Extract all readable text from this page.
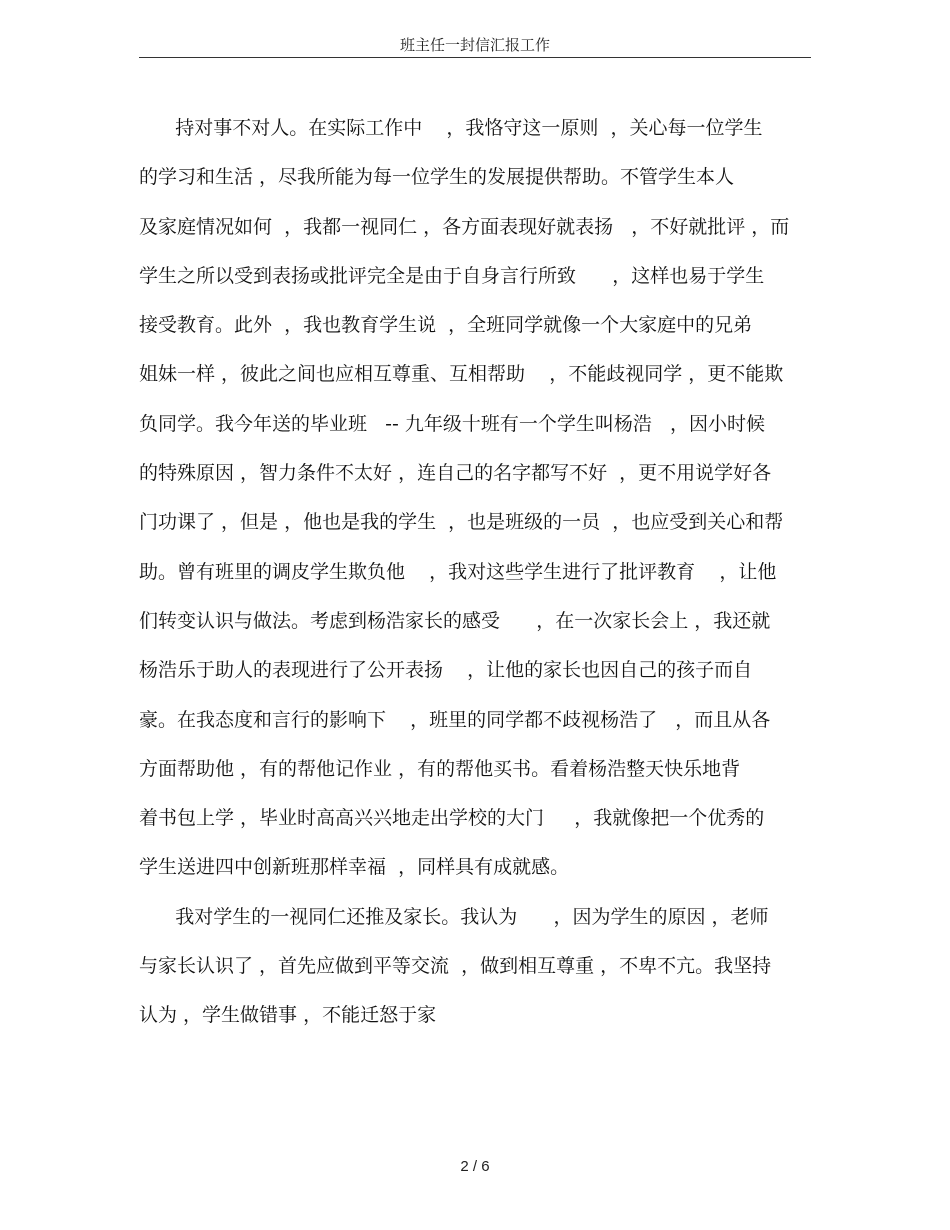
班主任一封信汇报工作
持对事不对人。在实际工作中    ，我恪守这一原则  ，关心每一位学生
的学习和生活 ，尽我所能为每一位学生的发展提供帮助。不管学生本人
及家庭情况如何  ，我都一视同仁 ，各方面表现好就表扬   ，不好就批评 ，而
学生之所以受到表扬或批评完全是由于自身言行所致      ，这样也易于学生
接受教育。此外  ，我也教育学生说  ，全班同学就像一个大家庭中的兄弟
姐妹一样 ，彼此之间也应相互尊重、互相帮助    ，不能歧视同学 ，更不能欺
负同学。我今年送的毕业班   -- 九年级十班有一个学生叫杨浩   ，因小时候
的特殊原因 ，智力条件不太好 ，连自己的名字都写不好  ，更不用说学好各
门功课了 ，但是 ，他也是我的学生  ，也是班级的一员  ，也应受到关心和帮
助。曾有班里的调皮学生欺负他    ，我对这些学生进行了批评教育    ，让他
们转变认识与做法。考虑到杨浩家长的感受      ，在一次家长会上 ，我还就
杨浩乐于助人的表现进行了公开表扬    ，让他的家长也因自己的孩子而自
豪。在我态度和言行的影响下    ，班里的同学都不歧视杨浩了   ，而且从各
方面帮助他 ，有的帮他记作业 ，有的帮他买书。看着杨浩整天快乐地背
着书包上学 ，毕业时高高兴兴地走出学校的大门     ，我就像把一个优秀的
学生送进四中创新班那样幸福  ，同样具有成就感。
我对学生的一视同仁还推及家长。我认为      ，因为学生的原因 ，老师
与家长认识了 ，首先应做到平等交流  ，做到相互尊重 ，不卑不亢。我坚持
认为 ，学生做错事 ，不能迁怒于家
2 / 6
